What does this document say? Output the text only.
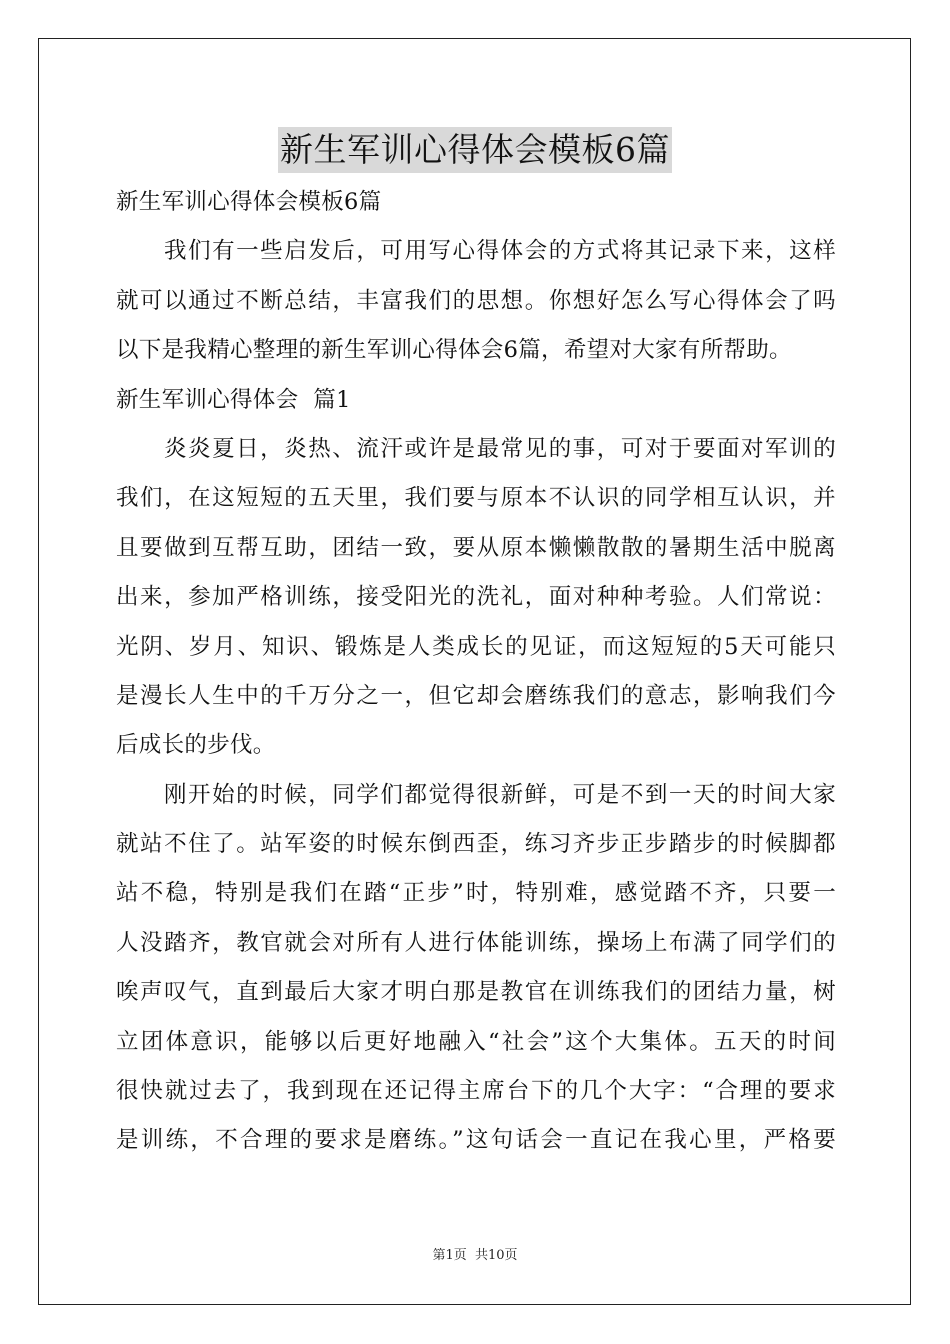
新生军训心得体会模板6篇
新生军训心得体会模板6篇
我们有一些启发后，可用写心得体会的方式将其记录下来，这样
就可以通过不断总结，丰富我们的思想。你想好怎么写心得体会了吗
以下是我精心整理的新生军训心得体会6篇，希望对大家有所帮助。
新生军训心得体会  篇1
炎炎夏日，炎热、流汗或许是最常见的事，可对于要面对军训的
我们，在这短短的五天里，我们要与原本不认识的同学相互认识，并
且要做到互帮互助，团结一致，要从原本懒懒散散的暑期生活中脱离
出来，参加严格训练，接受阳光的洗礼，面对种种考验。人们常说：
光阴、岁月、知识、锻炼是人类成长的见证，而这短短的5天可能只
是漫长人生中的千万分之一，但它却会磨练我们的意志，影响我们今
后成长的步伐。
刚开始的时候，同学们都觉得很新鲜，可是不到一天的时间大家
就站不住了。站军姿的时候东倒西歪，练习齐步正步踏步的时候脚都
站不稳，特别是我们在踏“正步”时，特别难，感觉踏不齐，只要一
人没踏齐，教官就会对所有人进行体能训练，操场上布满了同学们的
唉声叹气，直到最后大家才明白那是教官在训练我们的团结力量，树
立团体意识，能够以后更好地融入“社会”这个大集体。五天的时间
很快就过去了，我到现在还记得主席台下的几个大字：“合理的要求
是训练，不合理的要求是磨练。”这句话会一直记在我心里，严格要
第1页  共10页
